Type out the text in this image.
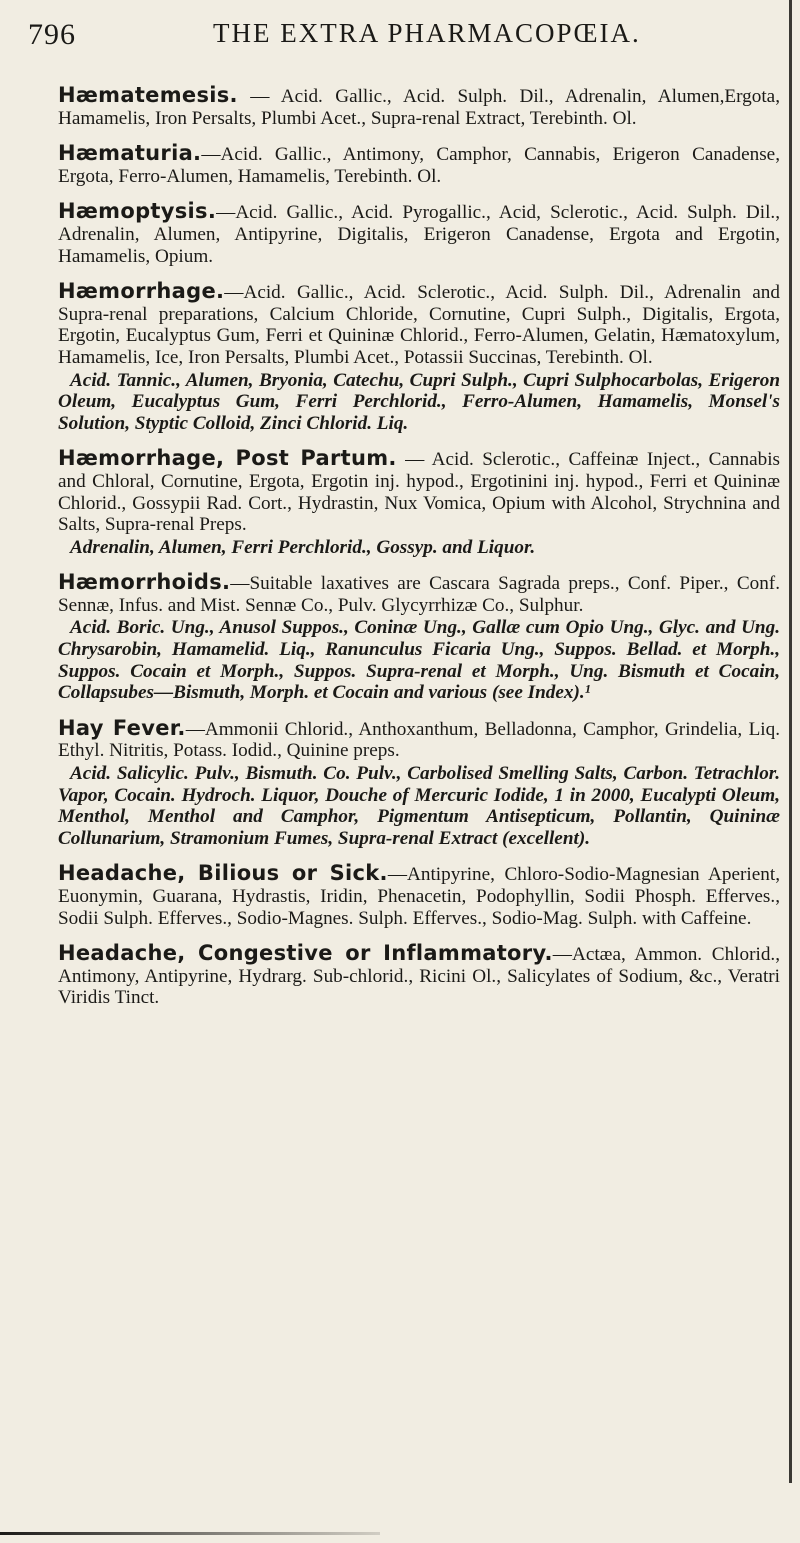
796	THE EXTRA PHARMACOPŒIA.
Hæmatemesis. — Acid. Gallic., Acid. Sulph. Dil., Adrenalin, Alumen,Ergota, Hamamelis, Iron Persalts, Plumbi Acet., Supra-renal Extract, Terebinth. Ol.
Hæmaturia.—Acid. Gallic., Antimony, Camphor, Cannabis, Erigeron Canadense, Ergota, Ferro-Alumen, Hamamelis, Terebinth. Ol.
Hæmoptysis.—Acid. Gallic., Acid. Pyrogallic., Acid, Sclerotic., Acid. Sulph. Dil., Adrenalin, Alumen, Antipyrine, Digitalis, Erigeron Canadense, Ergota and Ergotin, Hamamelis, Opium.
Hæmorrhage.—Acid. Gallic., Acid. Sclerotic., Acid. Sulph. Dil., Adrenalin and Supra-renal preparations, Calcium Chloride, Cornutine, Cupri Sulph., Digitalis, Ergota, Ergotin, Eucalyptus Gum, Ferri et Quininæ Chlorid., Ferro-Alumen, Gelatin, Hæmatoxylum, Hamamelis, Ice, Iron Persalts, Plumbi Acet., Potassii Succinas, Terebinth. Ol.
Acid. Tannic., Alumen, Bryonia, Catechu, Cupri Sulph., Cupri Sulphocarbolas, Erigeron Oleum, Eucalyptus Gum, Ferri Perchlorid., Ferro-Alumen, Hamamelis, Monsel's Solution, Styptic Colloid, Zinci Chlorid. Liq.
Hæmorrhage, Post Partum. — Acid. Sclerotic., Caffeinæ Inject., Cannabis and Chloral, Cornutine, Ergota, Ergotin inj. hypod., Ergotinini inj. hypod., Ferri et Quininæ Chlorid., Gossypii Rad. Cort., Hydrastin, Nux Vomica, Opium with Alcohol, Strychnina and Salts, Supra-renal Preps.
Adrenalin, Alumen, Ferri Perchlorid., Gossyp. and Liquor.
Hæmorrhoids.—Suitable laxatives are Cascara Sagrada preps., Conf. Piper., Conf. Sennæ, Infus. and Mist. Sennæ Co., Pulv. Glycyrrhizæ Co., Sulphur.
Acid. Boric. Ung., Anusol Suppos., Coninæ Ung., Gallæ cum Opio Ung., Glyc. and Ung. Chrysarobin, Hamamelid. Liq., Ranunculus Ficaria Ung., Suppos. Bellad. et Morph., Suppos. Cocain et Morph., Suppos. Supra-renal et Morph., Ung. Bismuth et Cocain, Collapsubes—Bismuth, Morph. et Cocain and various (see Index).¹
Hay Fever.—Ammonii Chlorid., Anthoxanthum, Belladonna, Camphor, Grindelia, Liq. Ethyl. Nitritis, Potass. Iodid., Quinine preps.
Acid. Salicylic. Pulv., Bismuth. Co. Pulv., Carbolised Smelling Salts, Carbon. Tetrachlor. Vapor, Cocain. Hydroch. Liquor, Douche of Mercuric Iodide, 1 in 2000, Eucalypti Oleum, Menthol, Menthol and Camphor, Pigmentum Antisepticum, Pollantin, Quininæ Collunarium, Stramonium Fumes, Supra-renal Extract (excellent).
Headache, Bilious or Sick.—Antipyrine, Chloro-Sodio-Magnesian Aperient, Euonymin, Guarana, Hydrastis, Iridin, Phenacetin, Podophyllin, Sodii Phosph. Efferves., Sodii Sulph. Efferves., Sodio-Magnes. Sulph. Efferves., Sodio-Mag. Sulph. with Caffeine.
Headache, Congestive or Inflammatory.—Actæa, Ammon. Chlorid., Antimony, Antipyrine, Hydrarg. Sub-chlorid., Ricini Ol., Salicylates of Sodium, &c., Veratri Viridis Tinct.
